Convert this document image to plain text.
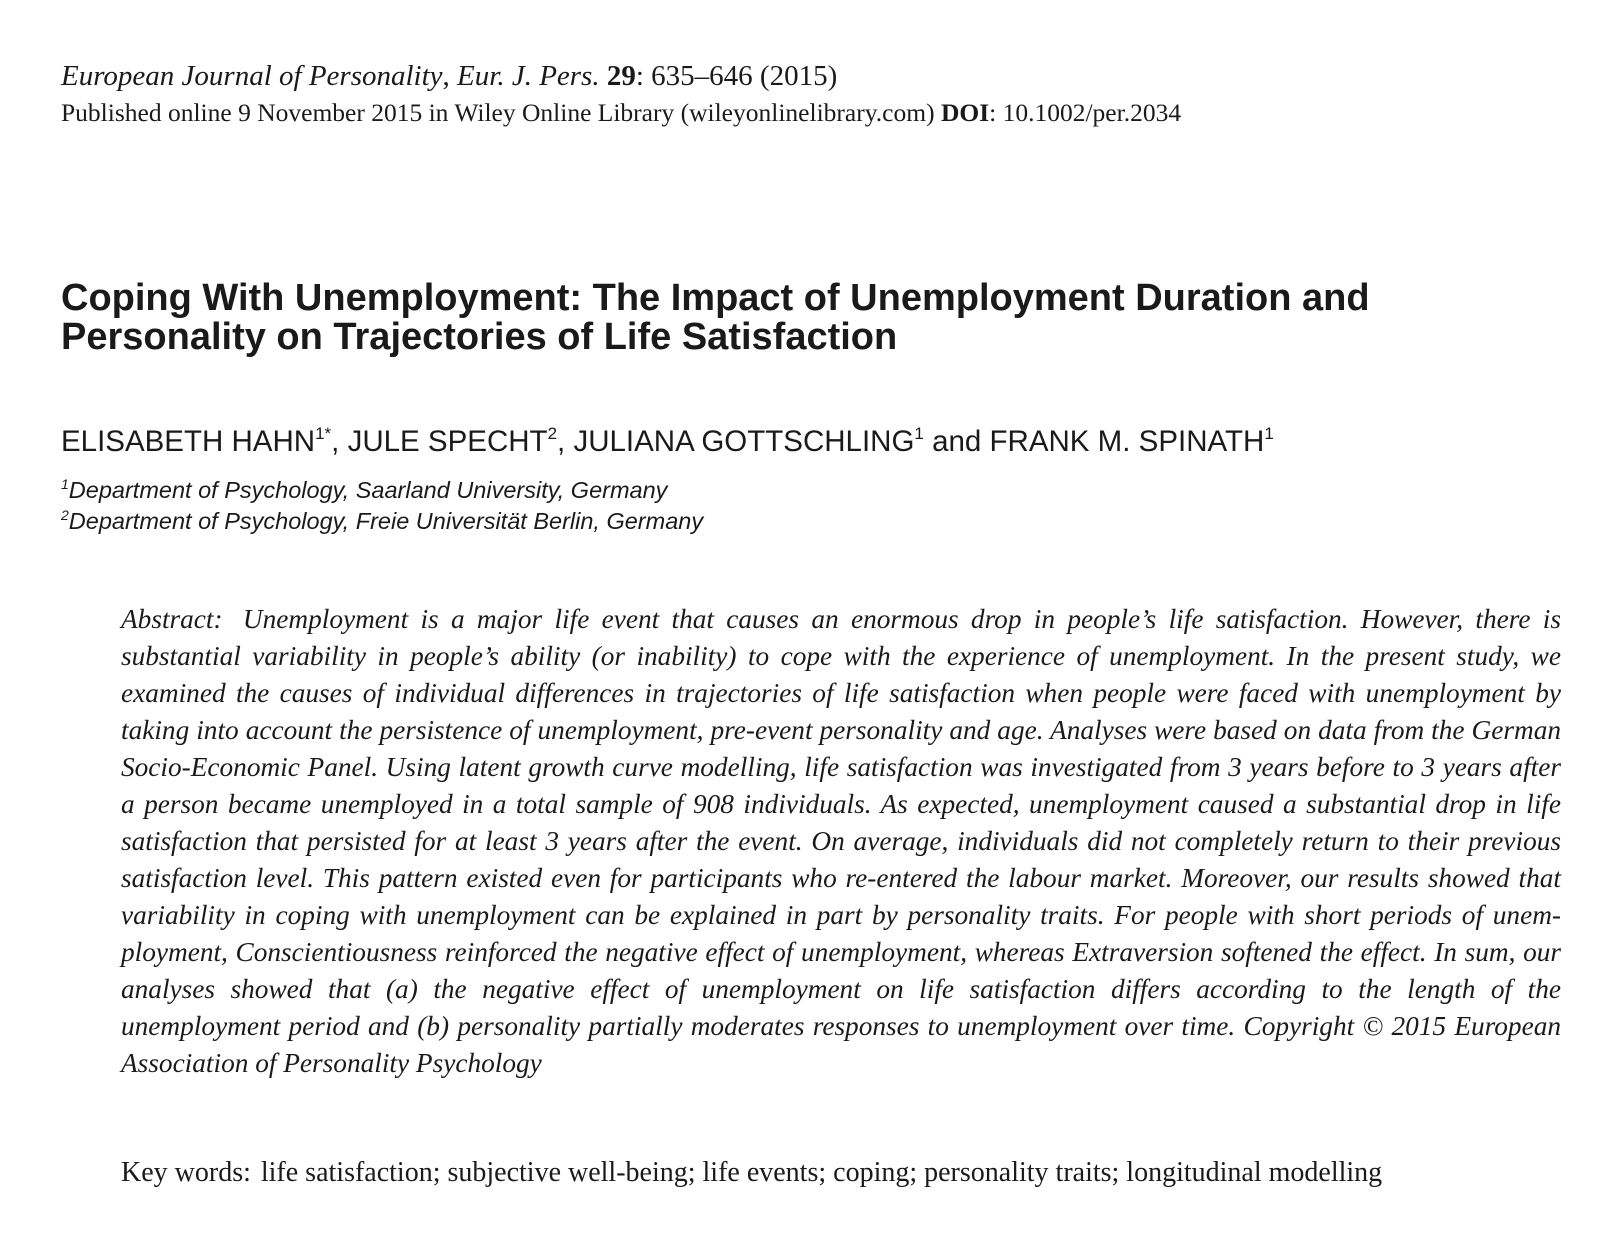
European Journal of Personality, Eur. J. Pers. 29: 635–646 (2015)
Published online 9 November 2015 in Wiley Online Library (wileyonlinelibrary.com) DOI: 10.1002/per.2034
Coping With Unemployment: The Impact of Unemployment Duration and
Personality on Trajectories of Life Satisfaction
ELISABETH $HAHN^{1*}$, JULE SPECHT$^2$, JULIANA GOTTSCHLING$^1$ and FRANK M. SPINATH$^1$
$^1$Department of Psychology, Saarland University, Germany
$^2$Department of Psychology, Freie Universität Berlin, Germany

Abstract: Unemployment is a major life event that causes an enormous drop in people’s life satisfaction. However, there is substantial variability in people’s ability (or inability) to cope with the experience of unemployment. In the present study, we examined the causes of individual differences in trajectories of life satisfaction when people were faced with unemployment by taking into account the persistence of unemployment, pre-event personality and age. Analyses were based on data from the German Socio-Economic Panel. Using latent growth curve modelling, life satisfaction was investigated from 3 years before to 3 years after a person became unemployed in a total sample of 908 individuals. As expected, unemployment caused a substantial drop in life satisfaction that persisted for at least 3 years after the event. On average, individuals did not completely return to their previous satisfaction level. This pattern existed even for participants who re-entered the labour market. Moreover, our results showed that variability in coping with unemployment can be explained in part by personality traits. For people with short periods of unemployment, Conscientiousness reinforced the negative effect of unemployment, whereas Extraversion softened the effect. In sum, our analyses showed that (a) the negative effect of unemployment on life satisfaction differs according to the length of the unemployment period and (b) personality partially moderates responses to unemployment over time. Copyright © 2015 European Association of Personality Psychology

Key words: life satisfaction; subjective well-being; life events; coping; personality traits; longitudinal modelling
